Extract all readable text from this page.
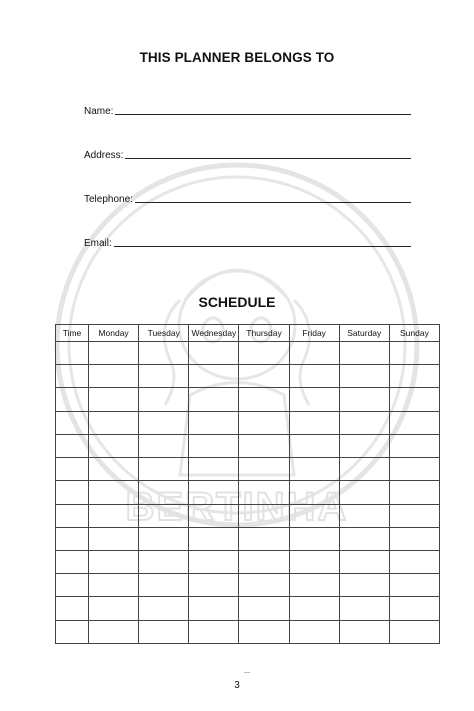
BERTINHA
THIS PLANNER BELONGS TO
Name:
Address:
Telephone:
Email:
SCHEDULE
Time	Monday	Tuesday	Wednesday	Thursday	Friday	Saturday	Sunday

3
